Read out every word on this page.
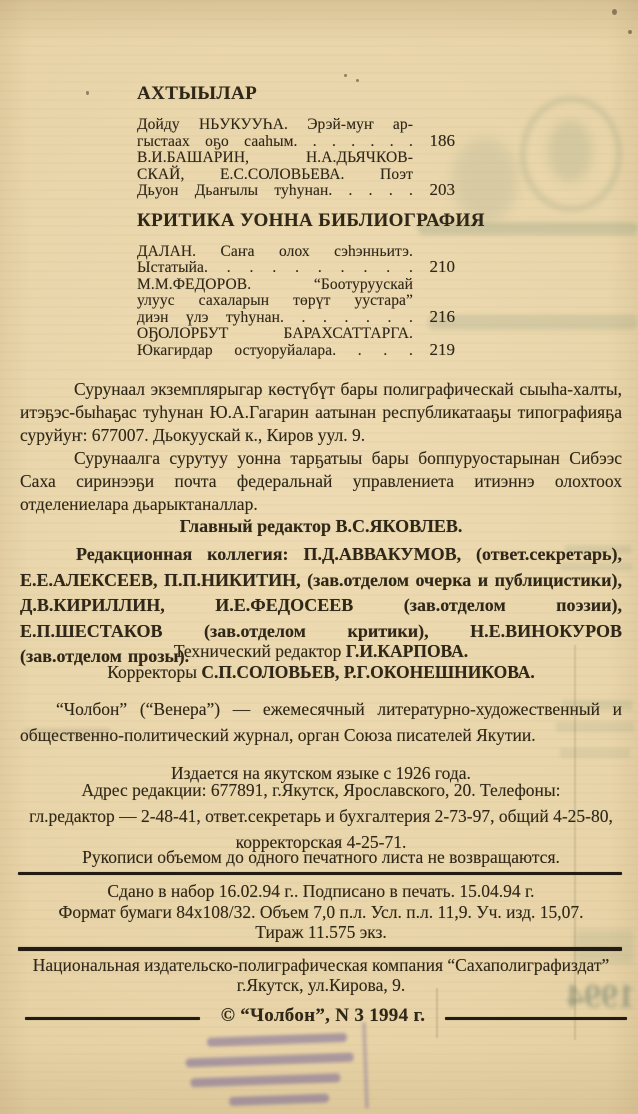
1994
АХТЫЫЛАР
Дойду НЬУКУУҺА. Эрэй-муҥ ар-
гыстаах оҕо сааһым. . . . . . . 186
В.И.БАШАРИН, Н.А.ДЬЯЧКОВ-
СКАЙ, Е.С.СОЛОВЬЕВА. Поэт
Дьуон Дьаҥылы туһунан. . . . . 203
КРИТИКА УОННА БИБЛИОГРАФИЯ
ДАЛАН. Саҥа олох сэһэнньитэ.
Ыстатыйа. . . . . . . . . . 210
М.М.ФЕДОРОВ. “Боотуруускай
улуус сахаларын төрүт уустара”
диэн үлэ туһунан. . . . . . . 216
ОҔОЛОРБУТ БАРАХСАТТАРГА.
Юкагирдар остуоруйалара. . . . 219

Сурунаал экземплярыгар көстүбүт бары полиграфическай сыыһа-халты, итэҕэс-быһаҕас туһунан Ю.А.Гагарин аатынан республикатааҕы типографияҕа суруйуҥ: 677007. Дьокуускай к., Киров уул. 9.

Сурунаалга сурутуу уонна тарҕатыы бары боппуруостарынан Сибээс Саха сиринээҕи почта федеральнай управлениета итиэннэ олохтоох отделениелара дьарыктаналлар.

Главный редактор В.С.ЯКОВЛЕВ.

Редакционная коллегия: П.Д.АВВАКУМОВ, (ответ.секретарь), Е.Е.АЛЕКСЕЕВ, П.П.НИКИТИН, (зав.отделом очерка и публицистики), Д.В.КИРИЛЛИН, И.Е.ФЕДОСЕЕВ (зав.отделом поэзии), Е.П.ШЕСТАКОВ (зав.отделом критики), Н.Е.ВИНОКУРОВ (зав.отделом прозы).

Технический редактор Г.И.КАРПОВА.
Корректоры С.П.СОЛОВЬЕВ, Р.Г.ОКОНЕШНИКОВА.

“Чолбон” (“Венера”) — ежемесячный литературно-художественный и общественно-политический журнал, орган Союза писателей Якутии.

Издается на якутском языке с 1926 года.
Адрес редакции: 677891, г.Якутск, Ярославского, 20. Телефоны:
гл.редактор — 2-48-41, ответ.секретарь и бухгалтерия 2-73-97, общий 4-25-80,
корректорская 4-25-71.
Рукописи объемом до одного печатного листа не возвращаются.
Сдано в набор 16.02.94 г.. Подписано в печать. 15.04.94 г.
Формат бумаги 84х108/32. Объем 7,0 п.л. Усл. п.л. 11,9. Уч. изд. 15,07.
Тираж 11.575 экз.
Национальная издательско-полиграфическая компания “Сахаполиграфиздат”
г.Якутск, ул.Кирова, 9.
© “Чолбон”, N 3 1994 г.
